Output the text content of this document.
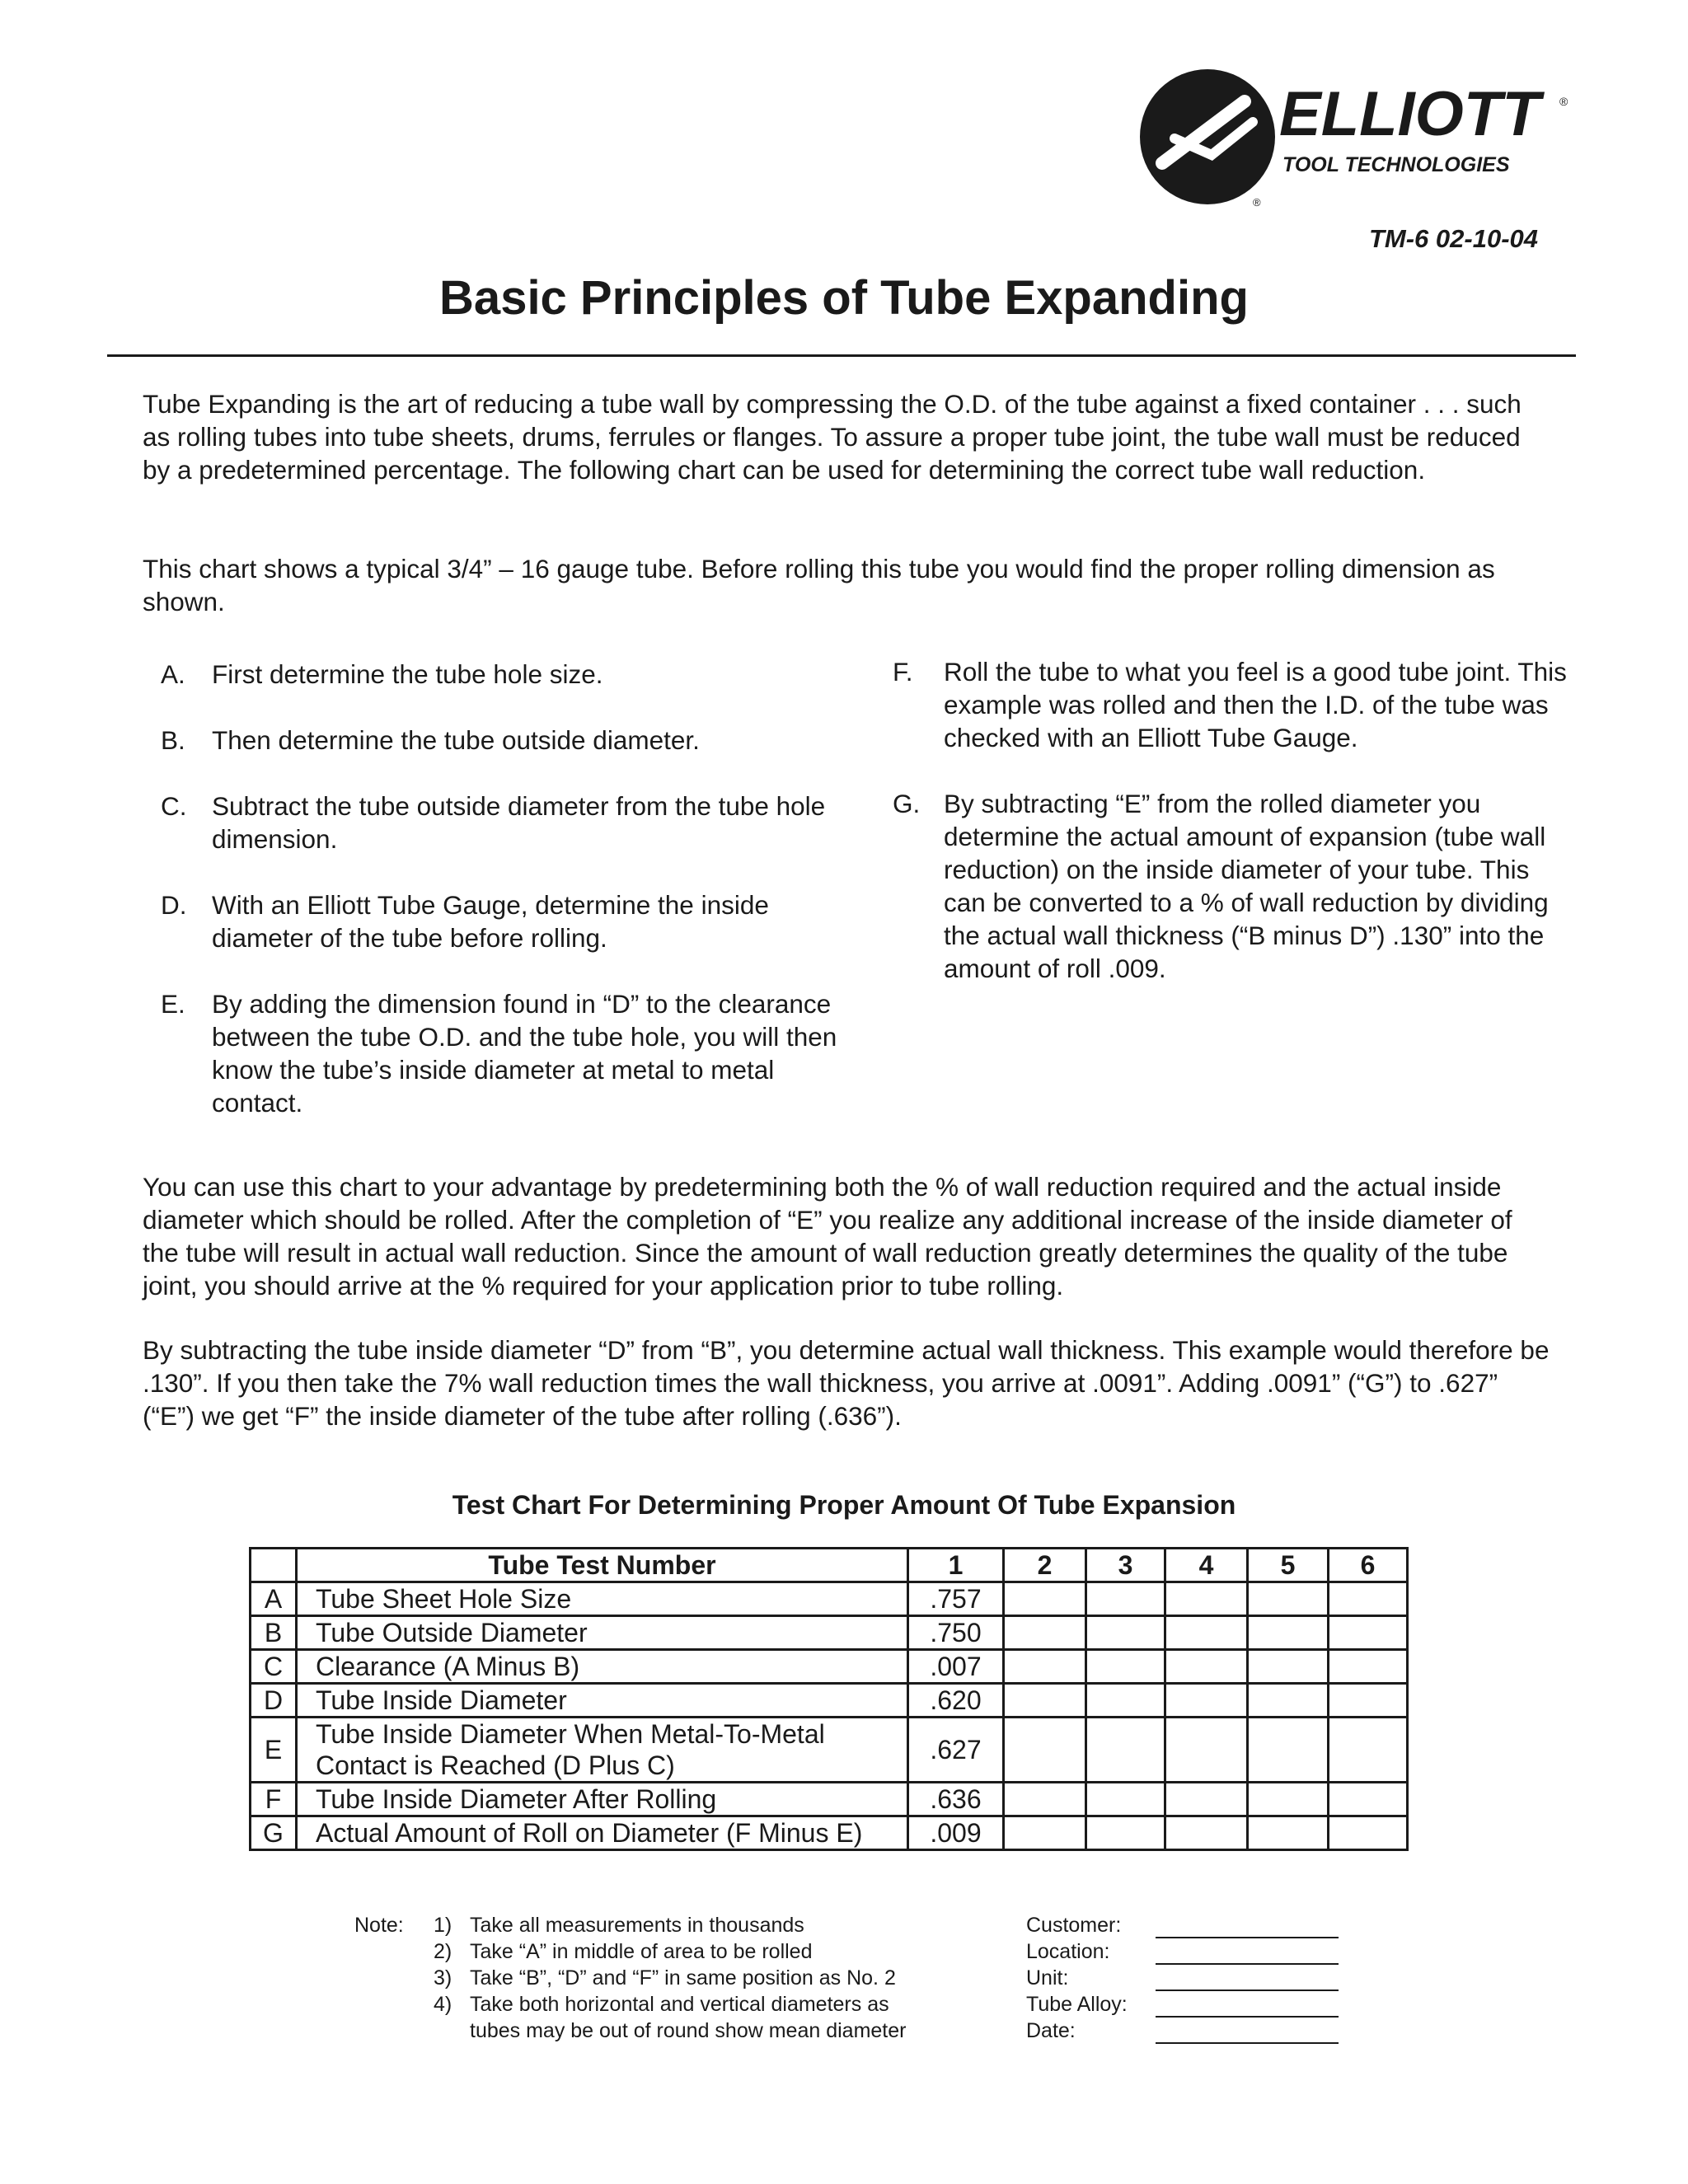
ELLIOTT	®
TOOL TECHNOLOGIES
®
TM-6 02-10-04
Basic Principles of Tube Expanding
Tube Expanding is the art of reducing a tube wall by compressing the O.D. of the tube against a fixed container . . . such as rolling tubes into tube sheets, drums, ferrules or flanges. To assure a proper tube joint, the tube wall must be reduced by a predetermined percentage. The following chart can be used for determining the correct tube wall reduction.
This chart shows a typical 3/4” – 16 gauge tube. Before rolling this tube you would find the proper rolling dimension as shown.
A.	First determine the tube hole size.
B.	Then determine the tube outside diameter.
C. Subtract the tube outside diameter from the tube hole dimension.
D. With an Elliott Tube Gauge, determine the inside diameter of the tube before rolling.
E.	By adding the dimension found in “D” to the clearance between the tube O.D. and the tube hole, you will then know the tube’s inside diameter at metal to metal contact.
F.	Roll the tube to what you feel is a good tube joint. This example was rolled and then the I.D. of the tube was checked with an Elliott Tube Gauge.
G. By subtracting “E” from the rolled diameter you determine the actual amount of expansion (tube wall reduction) on the inside diameter of your tube. This can be converted to a % of wall reduction by dividing the actual wall thickness (“B minus D”) .130” into the amount of roll .009.
You can use this chart to your advantage by predetermining both the % of wall reduction required and the actual inside diameter which should be rolled. After the completion of “E” you realize any additional increase of the inside diameter of the tube will result in actual wall reduction. Since the amount of wall reduction greatly determines the quality of the tube joint, you should arrive at the % required for your application prior to tube rolling.
By subtracting the tube inside diameter “D” from “B”, you determine actual wall thickness. This example would therefore be .130”. If you then take the 7% wall reduction times the wall thickness, you arrive at .0091”. Adding .0091” (“G”) to .627” (“E”) we get “F” the inside diameter of the tube after rolling (.636”).
Test Chart For Determining Proper Amount Of Tube Expansion
	Tube Test Number	1	2	3	4	5	6
A	Tube Sheet Hole Size	.757					
B	Tube Outside Diameter	.750					
C	Clearance (A Minus B)	.007					
D	Tube Inside Diameter	.620					
E	Tube Inside Diameter When Metal-To-Metal Contact is Reached (D Plus C)	.627					
F	Tube Inside Diameter After Rolling	.636					
G	Actual Amount of Roll on Diameter (F Minus E)	.009					
Note:	1) Take all measurements in thousands
2) Take “A” in middle of area to be rolled
3) Take “B”, “D” and “F” in same position as No. 2
4) Take both horizontal and vertical diameters as
tubes may be out of round show mean diameter
Customer:
Location:
Unit:
Tube Alloy:
Date:
